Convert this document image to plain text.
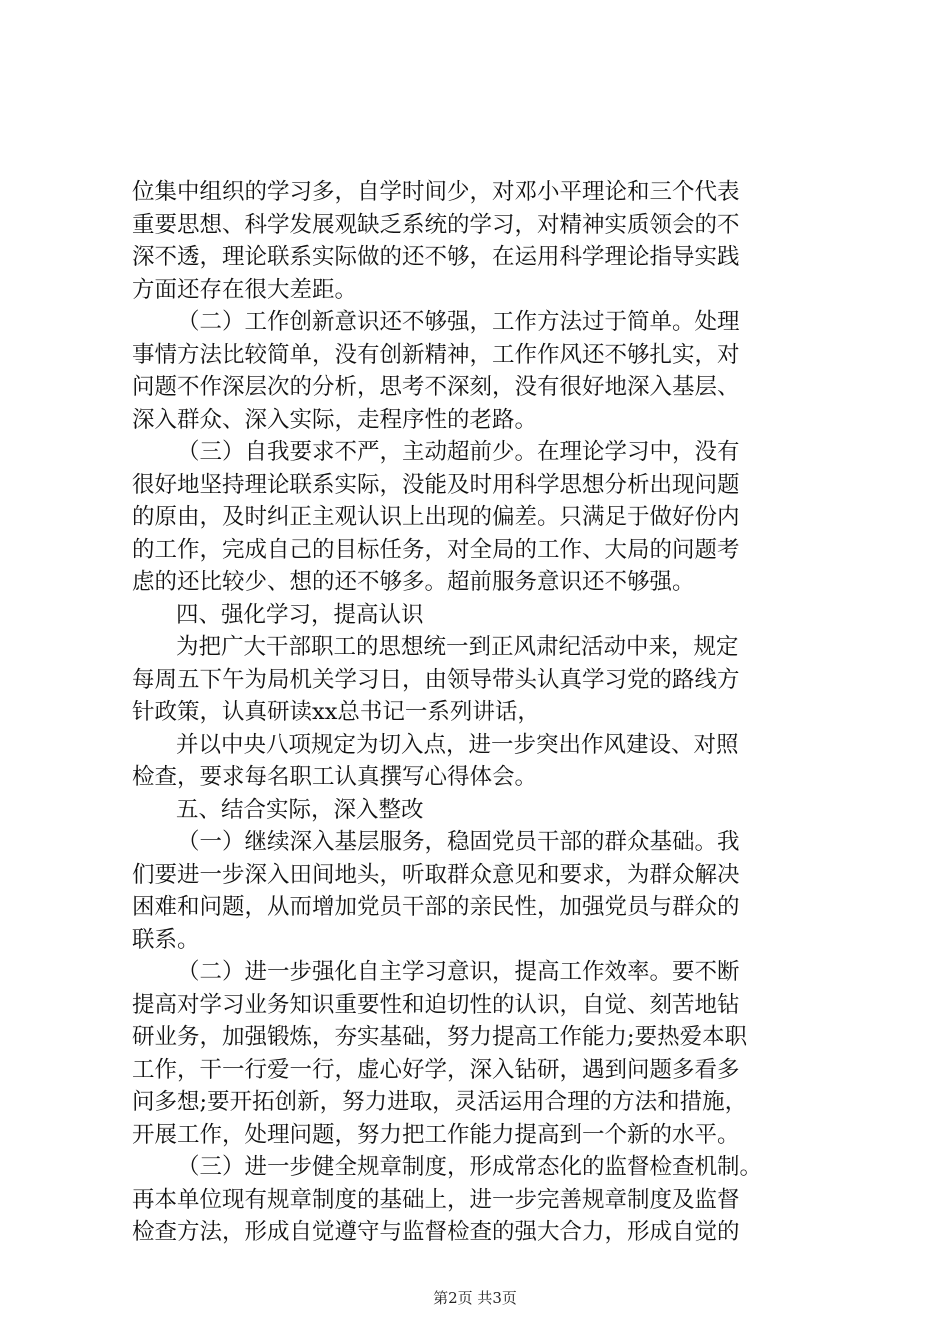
位集中组织的学习多，自学时间少，对邓小平理论和三个代表
重要思想、科学发展观缺乏系统的学习，对精神实质领会的不
深不透，理论联系实际做的还不够，在运用科学理论指导实践
方面还存在很大差距。
（二）工作创新意识还不够强，工作方法过于简单。处理
事情方法比较简单，没有创新精神，工作作风还不够扎实，对
问题不作深层次的分析，思考不深刻，没有很好地深入基层、
深入群众、深入实际，走程序性的老路。
（三）自我要求不严，主动超前少。在理论学习中，没有
很好地坚持理论联系实际，没能及时用科学思想分析出现问题
的原由，及时纠正主观认识上出现的偏差。只满足于做好份内
的工作，完成自己的目标任务，对全局的工作、大局的问题考
虑的还比较少、想的还不够多。超前服务意识还不够强。
四、强化学习，提高认识
为把广大干部职工的思想统一到正风肃纪活动中来，规定
每周五下午为局机关学习日，由领导带头认真学习党的路线方
针政策，认真研读xx总书记一系列讲话，
并以中央八项规定为切入点，进一步突出作风建设、对照
检查，要求每名职工认真撰写心得体会。
五、结合实际，深入整改
（一）继续深入基层服务，稳固党员干部的群众基础。我
们要进一步深入田间地头，听取群众意见和要求，为群众解决
困难和问题，从而增加党员干部的亲民性，加强党员与群众的
联系。
（二）进一步强化自主学习意识，提高工作效率。要不断
提高对学习业务知识重要性和迫切性的认识，自觉、刻苦地钻
研业务，加强锻炼，夯实基础，努力提高工作能力;要热爱本职
工作，干一行爱一行，虚心好学，深入钻研，遇到问题多看多
问多想;要开拓创新，努力进取，灵活运用合理的方法和措施，
开展工作，处理问题，努力把工作能力提高到一个新的水平。
（三）进一步健全规章制度，形成常态化的监督检查机制。
再本单位现有规章制度的基础上，进一步完善规章制度及监督
检查方法，形成自觉遵守与监督检查的强大合力，形成自觉的
第2页 共3页
